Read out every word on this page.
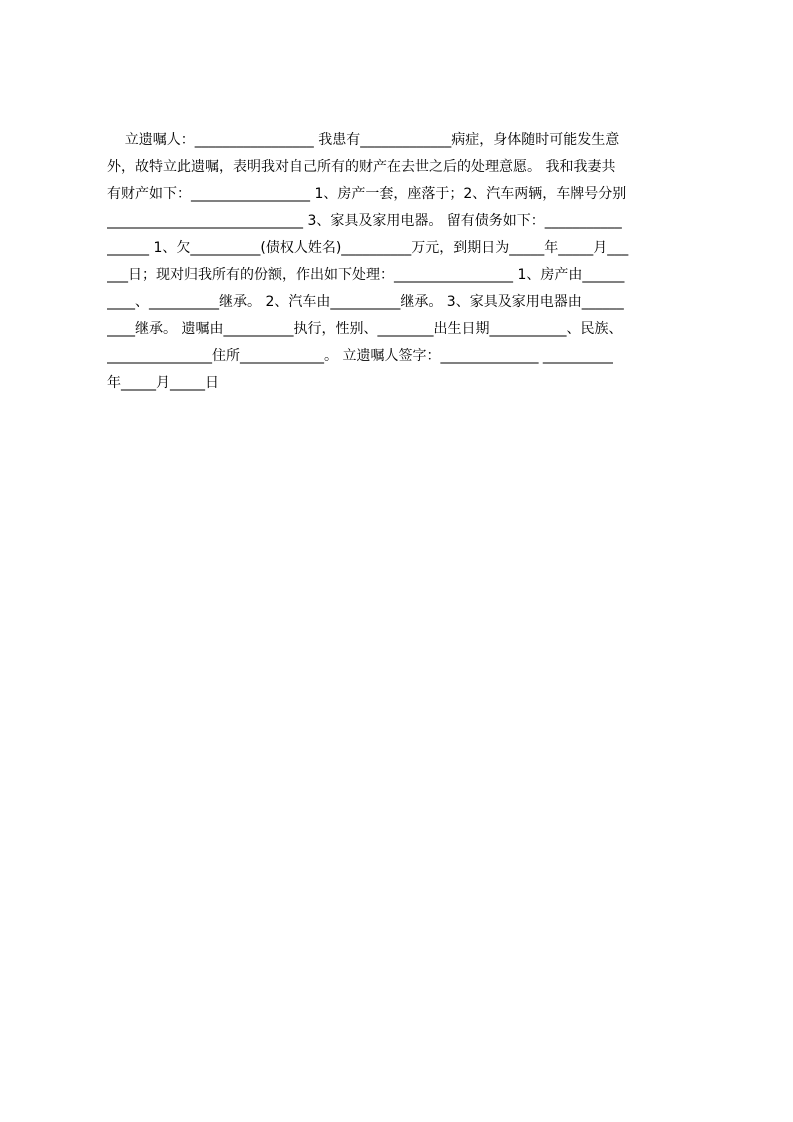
立遗嘱人：_________________ 我患有_____________病症，身体随时可能发生意
外，故特立此遗嘱，表明我对自己所有的财产在去世之后的处理意愿。 我和我妻共
有财产如下：_________________ 1、房产一套，座落于；2、汽车两辆，车牌号分别
____________________________ 3、家具及家用电器。 留有债务如下：___________
______ 1、欠__________(债权人姓名)__________万元，到期日为_____年_____月___
___日；现对归我所有的份额，作出如下处理：_________________ 1、房产由______
____、__________继承。 2、汽车由__________继承。 3、家具及家用电器由______
____继承。 遗嘱由__________执行，性别、________出生日期___________、民族、
_______________住所____________。 立遗嘱人签字：______________ __________
年_____月_____日
